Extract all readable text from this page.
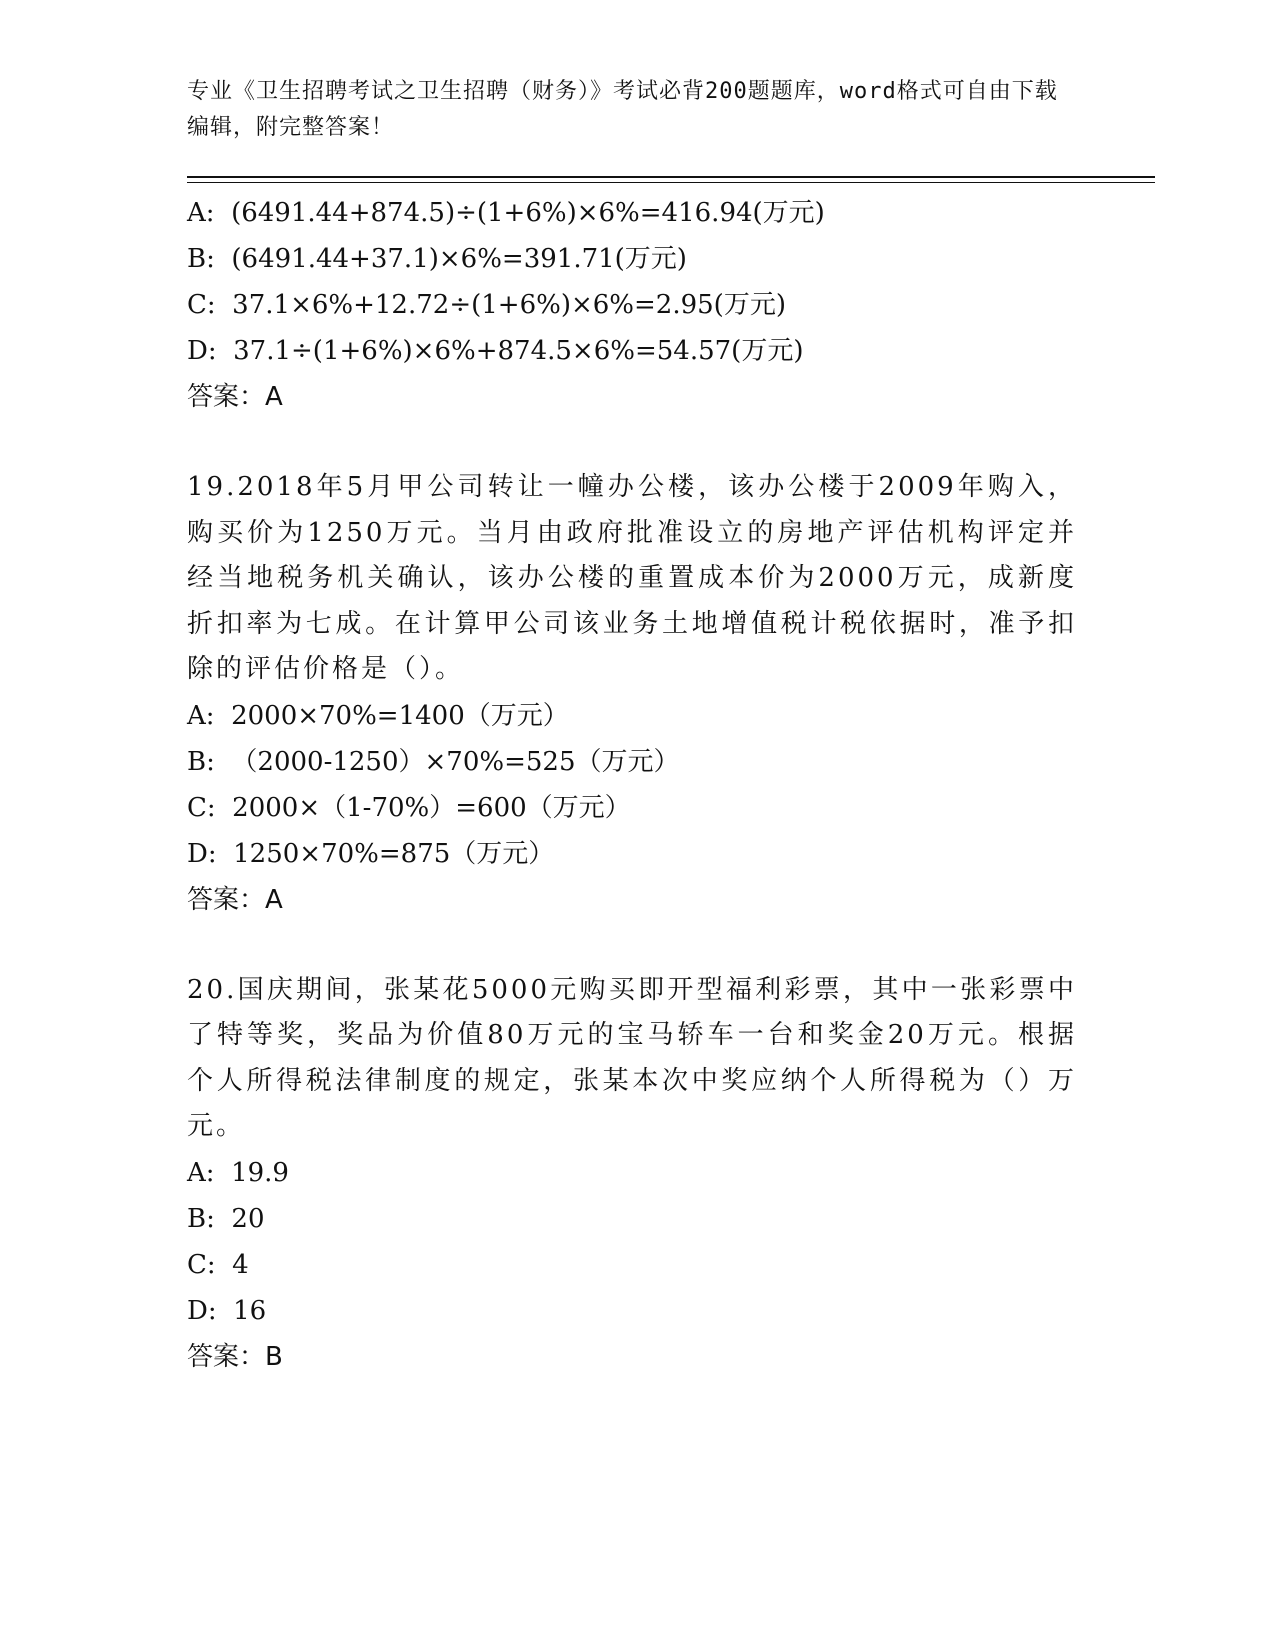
专业《卫生招聘考试之卫生招聘（财务）》考试必背200题题库，word格式可自由下载编辑，附完整答案！
A:  (6491.44+874.5)÷(1+6%)×6%=416.94(万元)
B:  (6491.44+37.1)×6%=391.71(万元)
C:  37.1×6%+12.72÷(1+6%)×6%=2.95(万元)
D:  37.1÷(1+6%)×6%+874.5×6%=54.57(万元)
答案：A
19.2018年5月甲公司转让一幢办公楼，该办公楼于2009年购入，购买价为1250万元。当月由政府批准设立的房地产评估机构评定并经当地税务机关确认，该办公楼的重置成本价为2000万元，成新度折扣率为七成。在计算甲公司该业务土地增值税计税依据时，准予扣除的评估价格是（）。
A:  2000×70%=1400（万元）
B:  （2000-1250）×70%=525（万元）
C:  2000×（1-70%）=600（万元）
D:  1250×70%=875（万元）
答案：A
20.国庆期间，张某花5000元购买即开型福利彩票，其中一张彩票中了特等奖，奖品为价值80万元的宝马轿车一台和奖金20万元。根据个人所得税法律制度的规定，张某本次中奖应纳个人所得税为（）万元。
A:  19.9
B:  20
C:  4
D:  16
答案：B
